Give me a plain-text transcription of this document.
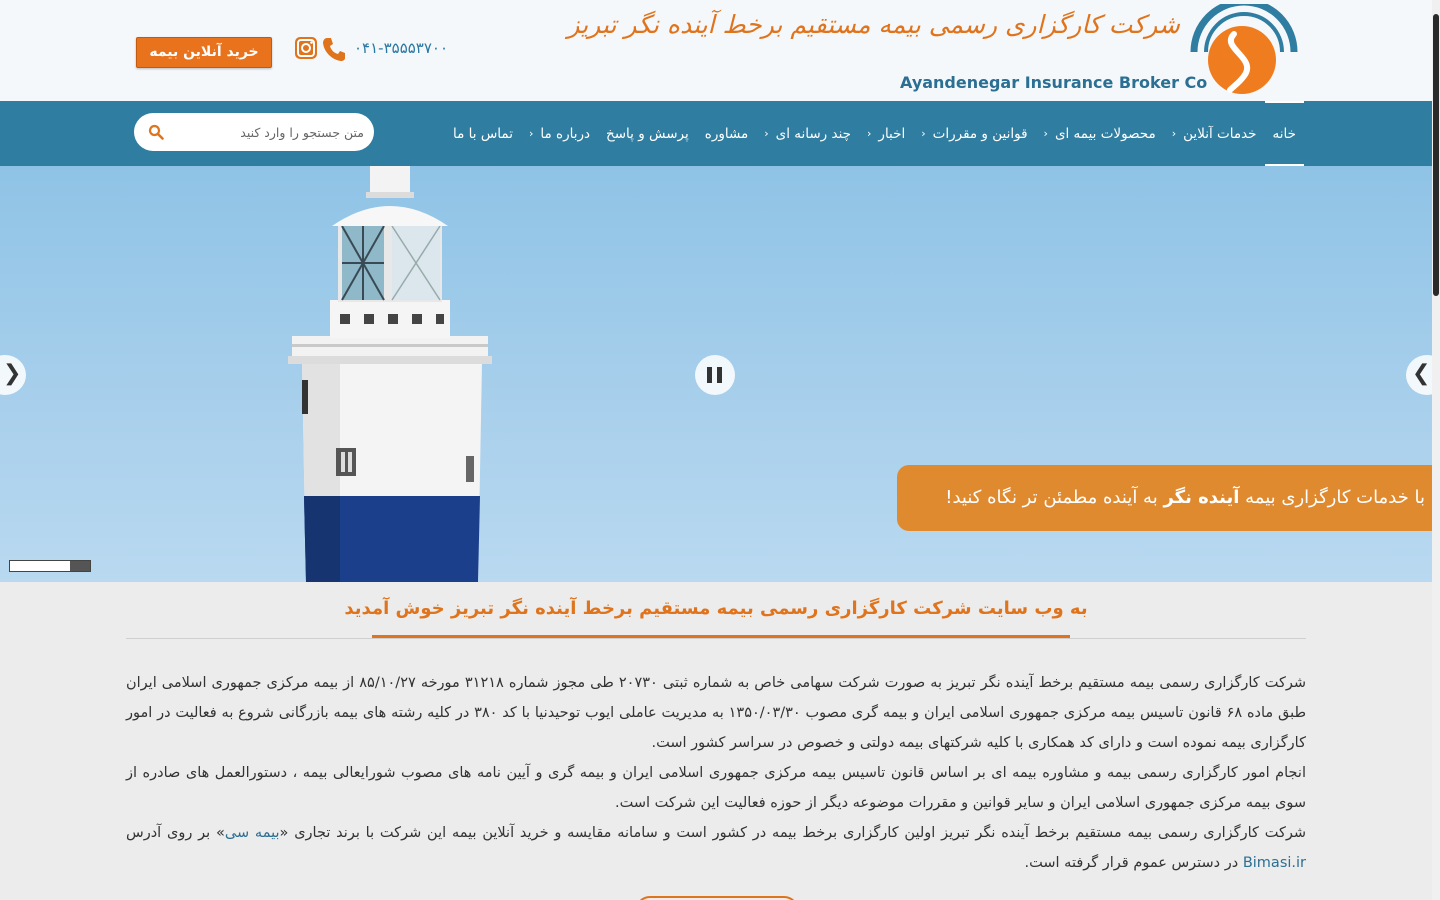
شرکت کارگزاری رسمی بیمه مستقیم برخط آینده نگر تبریز
Ayandenegar Insurance Broker Co
۰۴۱-۳۵۵۵۳۷۰۰
خرید آنلاین بیمه
خانه
خدمات آنلاین
‹
محصولات بیمه ای
‹
قوانین و مقررات
‹
اخبار
‹
چند رسانه ای
‹
مشاوره
پرسش و پاسخ
درباره ما
‹
تماس با ما
متن جستجو را وارد کنید
❮	❯
با خدمات کارگزاری بیمه آینده نگر به آینده مطمئن تر نگاه کنید!
به وب سایت شرکت کارگزاری رسمی بیمه مستقیم برخط آینده نگر تبریز خوش آمدید

شرکت کارگزاری رسمی بیمه مستقیم برخط آینده نگر تبریز به صورت شرکت سهامی خاص به شماره ثبتی ۲۰۷۳۰ طی مجوز شماره ۳۱۲۱۸ مورخه ۸۵/۱۰/۲۷ از بیمه مرکزی جمهوری اسلامی ایران طبق ماده ۶۸ قانون تاسیس بیمه مرکزی جمهوری اسلامی ایران و بیمه گری مصوب ۱۳۵۰/۰۳/۳۰ به مدیریت عاملی ایوب توحیدنیا با کد ۳۸۰ در کلیه رشته های بیمه بازرگانی شروع به فعالیت در امور کارگزاری بیمه نموده است و دارای کد همکاری با کلیه شرکتهای بیمه دولتی و خصوص در سراسر کشور است.

انجام امور کارگزاری رسمی بیمه و مشاوره بیمه ای بر اساس قانون تاسیس بیمه مرکزی جمهوری اسلامی ایران و بیمه گری و آیین نامه های مصوب شورایعالی بیمه ، دستورالعمل های صادره از سوی بیمه مرکزی جمهوری اسلامی ایران و سایر قوانین و مقررات موضوعه دیگر از حوزه فعالیت این شرکت است.

شرکت کارگزاری رسمی بیمه مستقیم برخط آینده نگر تبریز اولین کارگزاری برخط بیمه در کشور است و سامانه مقایسه و خرید آنلاین بیمه این شرکت با برند تجاری «بیمه سی» بر روی آدرس Bimasi.ir در دسترس عموم قرار گرفته است.
